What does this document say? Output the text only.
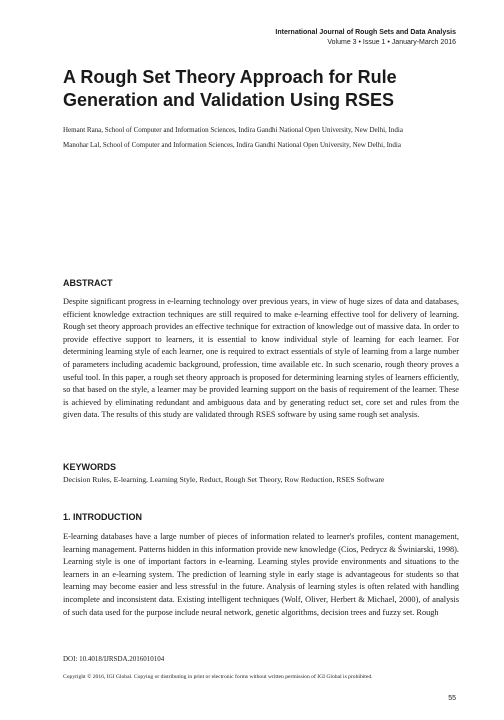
International Journal of Rough Sets and Data Analysis
Volume 3 • Issue 1 • January-March 2016
A Rough Set Theory Approach for Rule Generation and Validation Using RSES
Hemant Rana, School of Computer and Information Sciences, Indira Gandhi National Open University, New Delhi, India
Manohar Lal, School of Computer and Information Sciences, Indira Gandhi National Open University, New Delhi, India
ABSTRACT

Despite significant progress in e-learning technology over previous years, in view of huge sizes of data and databases, efficient knowledge extraction techniques are still required to make e-learning effective tool for delivery of learning. Rough set theory approach provides an effective technique for extraction of knowledge out of massive data. In order to provide effective support to learners, it is essential to know individual style of learning for each learner. For determining learning style of each learner, one is required to extract essentials of style of learning from a large number of parameters including academic background, profession, time available etc. In such scenario, rough theory proves a useful tool. In this paper, a rough set theory approach is proposed for determining learning styles of learners efficiently, so that based on the style, a learner may be provided learning support on the basis of requirement of the learner. These is achieved by eliminating redundant and ambiguous data and by generating reduct set, core set and rules from the given data. The results of this study are validated through RSES software by using same rough set analysis.

KEYWORDS

Decision Rules, E-learning, Learning Style, Reduct, Rough Set Theory, Row Reduction, RSES Software

1. INTRODUCTION

E-learning databases have a large number of pieces of information related to learner's profiles, content management, learning management. Patterns hidden in this information provide new knowledge (Cios, Pedrycz & Świniarski, 1998). Learning style is one of important factors in e-learning. Learning styles provide environments and situations to the learners in an e-learning system. The prediction of learning style in early stage is advantageous for students so that learning may become easier and less stressful in the future. Analysis of learning styles is often related with handling incomplete and inconsistent data. Existing intelligent techniques (Wolf, Oliver, Herbert & Michael, 2000), of analysis of such data used for the purpose include neural network, genetic algorithms, decision trees and fuzzy set. Rough

DOI: 10.4018/IJRSDA.2016010104
Copyright © 2016, IGI Global. Copying or distributing in print or electronic forms without written permission of IGI Global is prohibited.
55
